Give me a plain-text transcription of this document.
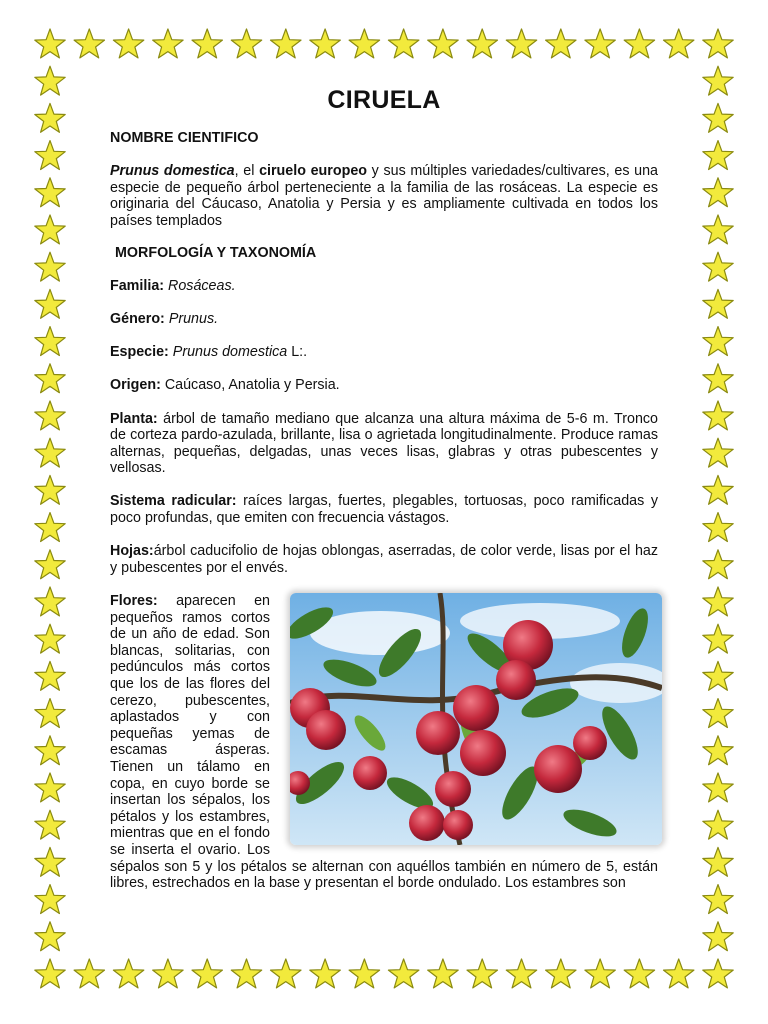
CIRUELA

NOMBRE CIENTIFICO

Prunus domestica, el ciruelo europeo y sus múltiples variedades/cultivares, es una especie de pequeño árbol perteneciente a la familia de las rosáceas. La especie es originaria del Cáucaso, Anatolia y Persia y es ampliamente cultivada en todos los países templados

MORFOLOGÍA Y TAXONOMÍA

Familia: Rosáceas.

Género: Prunus.

Especie: Prunus domestica L:.

Origen: Caúcaso, Anatolia y Persia.

Planta: árbol de tamaño mediano que alcanza una altura máxima de 5-6 m. Tronco de corteza pardo-azulada, brillante, lisa o agrietada longitudinalmente. Produce ramas alternas, pequeñas, delgadas, unas veces lisas, glabras y otras pubescentes y vellosas.

Sistema radicular: raíces largas, fuertes, plegables, tortuosas, poco ramificadas y poco profundas, que emiten con frecuencia vástagos.

Hojas:árbol caducifolio de hojas oblongas, aserradas, de color verde, lisas por el haz y pubescentes por el envés.

Flores: aparecen en pequeños ramos cortos de un año de edad. Son blancas, solitarias, con pedúnculos más cortos que los de las flores del cerezo, pubescentes, aplastados y con pequeñas yemas de escamas ásperas. Tienen un tálamo en copa, en cuyo borde se insertan los sépalos, los pétalos y los estambres, mientras que en el fondo se inserta el ovario. Los sépalos son 5 y los pétalos se alternan con aquéllos también en número de 5, están libres, estrechados en la base y presentan el borde ondulado. Los estambres son
